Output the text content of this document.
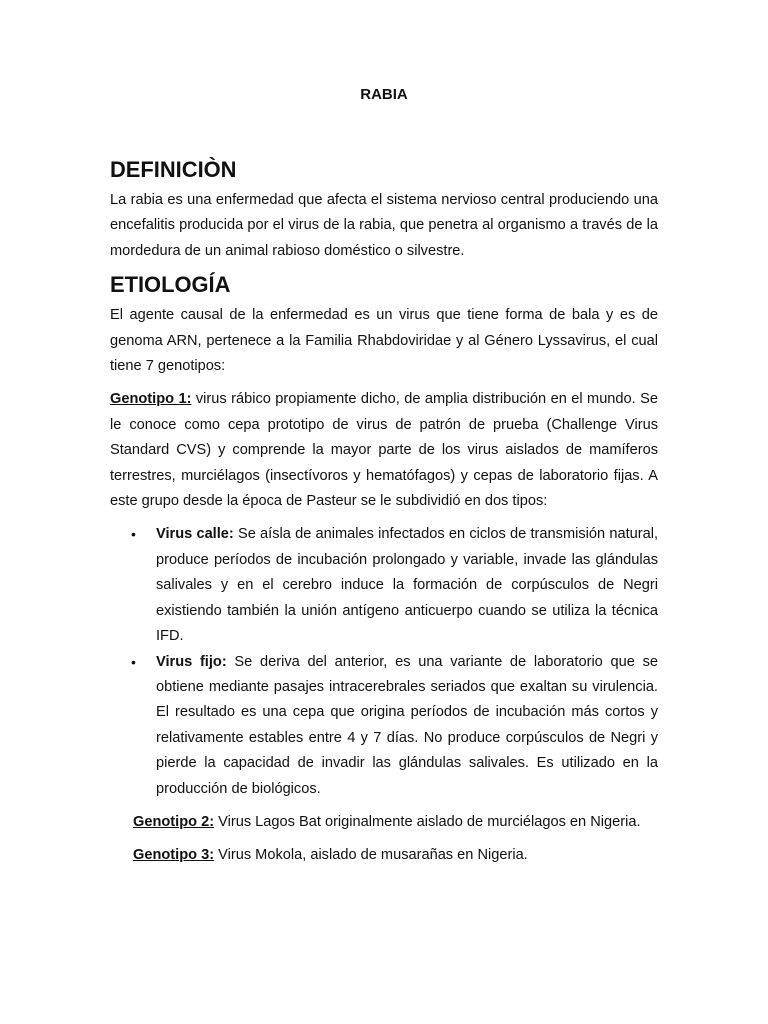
RABIA
DEFINICIÒN

La rabia es una enfermedad que afecta el sistema nervioso central produciendo una encefalitis producida por el virus de la rabia, que penetra al organismo a través de la mordedura de un animal rabioso doméstico o silvestre.

ETIOLOGÍA

El agente causal de la enfermedad es un virus que tiene forma de bala y es de genoma ARN, pertenece a la Familia Rhabdoviridae y al Género Lyssavirus, el cual tiene 7 genotipos:

Genotipo 1: virus rábico propiamente dicho, de amplia distribución en el mundo. Se le conoce como cepa prototipo de virus de patrón de prueba (Challenge Virus Standard CVS) y comprende la mayor parte de los virus aislados de mamíferos terrestres, murciélagos (insectívoros y hematófagos) y cepas de laboratorio fijas. A este grupo desde la época de Pasteur se le subdividió en dos tipos:

• Virus calle: Se aísla de animales infectados en ciclos de transmisión natural, produce períodos de incubación prolongado y variable, invade las glándulas salivales y en el cerebro induce la formación de corpúsculos de Negri existiendo también la unión antígeno anticuerpo cuando se utiliza la técnica IFD.
• Virus fijo: Se deriva del anterior, es una variante de laboratorio que se obtiene mediante pasajes intracerebrales seriados que exaltan su virulencia. El resultado es una cepa que origina períodos de incubación más cortos y relativamente estables entre 4 y 7 días. No produce corpúsculos de Negri y pierde la capacidad de invadir las glándulas salivales. Es utilizado en la producción de biológicos.

Genotipo 2: Virus Lagos Bat originalmente aislado de murciélagos en Nigeria.

Genotipo 3: Virus Mokola, aislado de musarañas en Nigeria.
